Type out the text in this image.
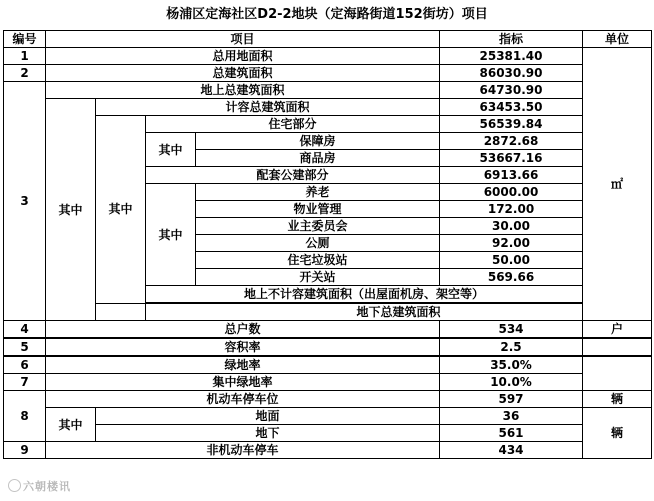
杨浦区定海社区D2-2地块（定海路街道152街坊）项目
编号	项目				指标	单位	
1	总用地面积				25381.40	㎡	
2	总建筑面积				86030.90		
3	地上总建筑面积				64730.90		
	其中	计容总建筑面积			63453.50		
		其中	住宅部分		56539.84		
			其中	保障房	2872.68		
				商品房	53667.16		
			配套公建部分		6913.66		
			其中	养老	6000.00		
				物业管理	172.00		
				业主委员会	30.00		
				公厕	92.00		
				住宅垃圾站	50.00		
				开关站	569.66		
			地上不计容建筑面积（出屋面机房、架空等）	
			地下总建筑面积	
4	总户数				534	户	
5	容积率				2.5		
6	绿地率				35.0%		
7	集中绿地率				10.0%		
8	机动车停车位				597	辆	
	其中	地面			36	辆	
		地下			561		
9	非机动车停车				434		
六朝楼讯
